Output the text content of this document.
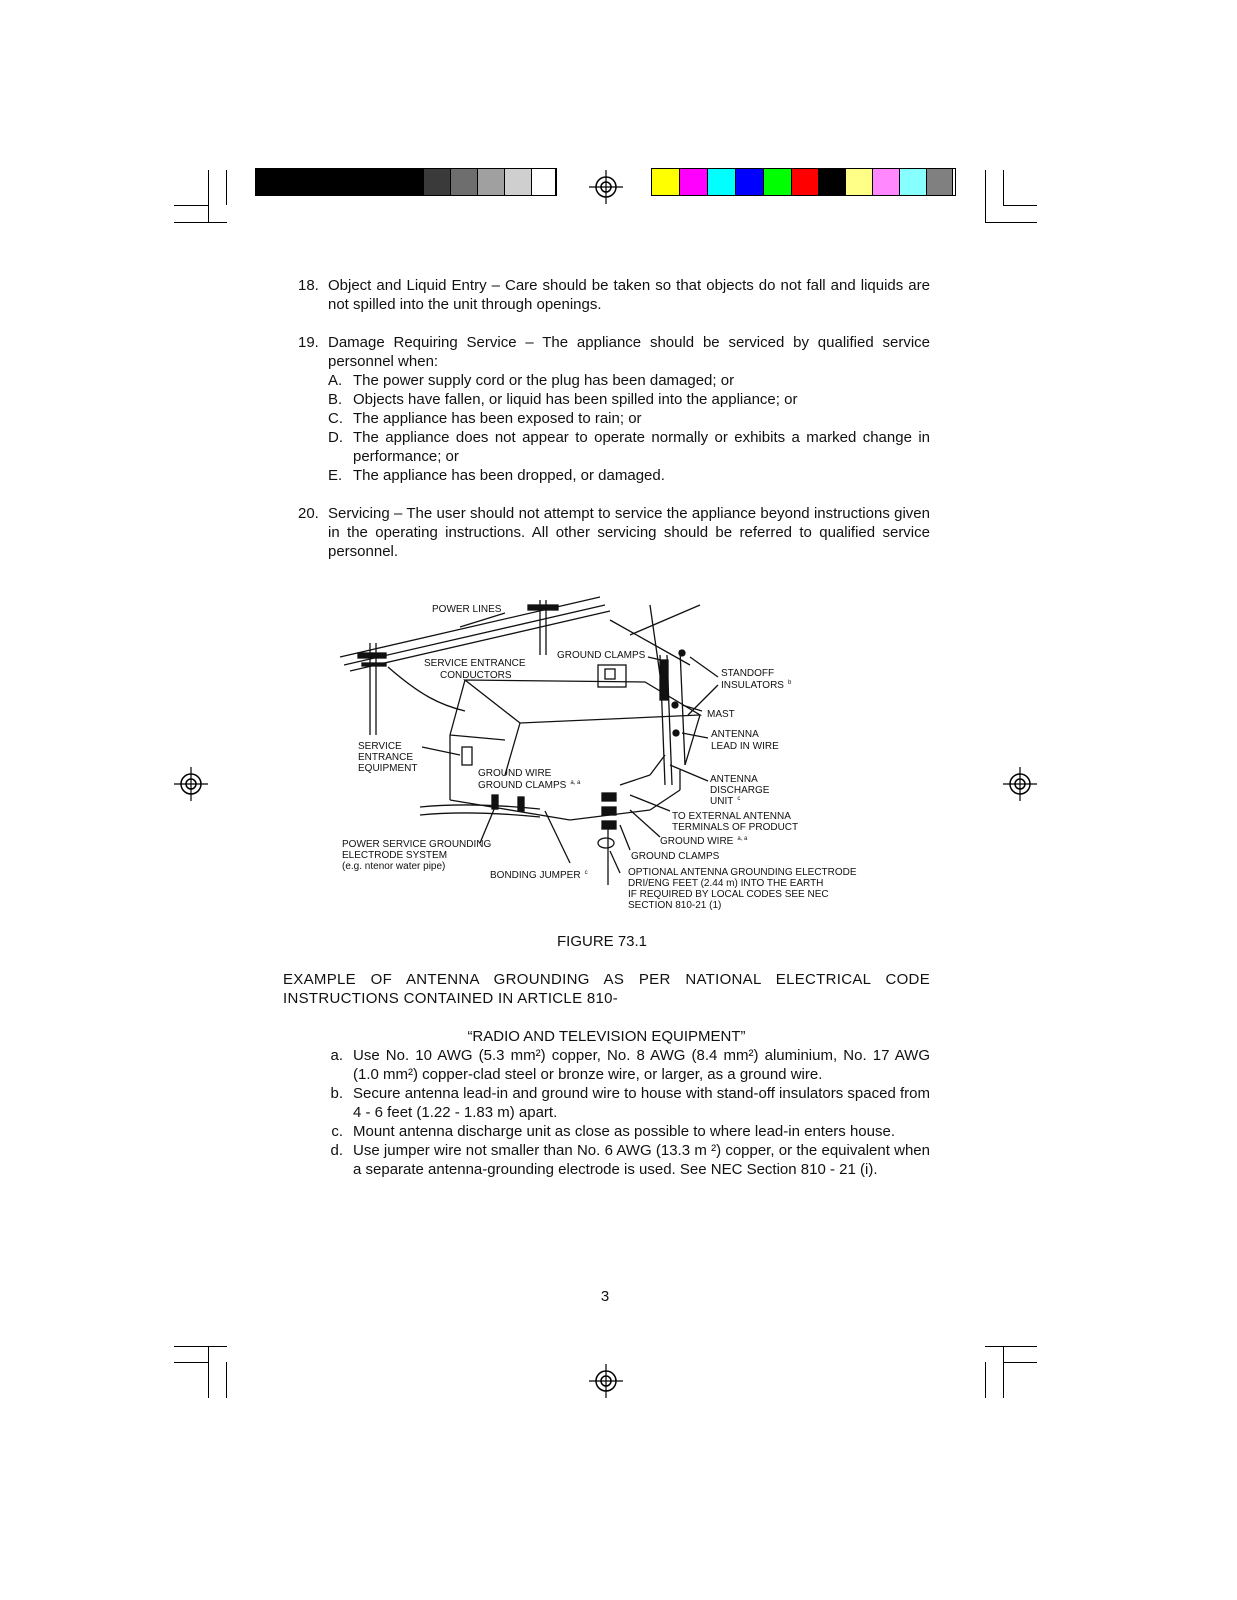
18. Object and Liquid Entry – Care should be taken so that objects do not fall and liquids are not spilled into the unit through openings.
19. Damage Requiring Service – The appliance should be serviced by qualified service personnel when:
A. The power supply cord or the plug has been damaged; or
B. Objects have fallen, or liquid has been spilled into the appliance; or
C. The appliance has been exposed to rain; or
D. The appliance does not appear to operate normally or exhibits a marked change in performance; or
E. The appliance has been dropped, or damaged.
20. Servicing – The user should not attempt to service the appliance beyond instructions given in the operating instructions. All other servicing should be referred to qualified service personnel.
POWER LINES
SERVICE ENTRANCE
CONDUCTORS
GROUND CLAMPS
STANDOFF
INSULATORS $^b$
MAST
ANTENNA
LEAD IN WIRE
SERVICE
ENTRANCE
EQUIPMENT	GROUND WIRE
GROUND CLAMPS $^{a, a}$	ANTENNA
DISCHARGE
UNIT $^c$
TO EXTERNAL ANTENNA
TERMINALS OF PRODUCT
GROUND WIRE $^{a, a}$
GROUND CLAMPS
POWER SERVICE GROUNDING
ELECTRODE SYSTEM
(e.g. ntenor water pipe)
BONDING JUMPER $^c$	OPTIONAL ANTENNA GROUNDING ELECTRODE
DRI/ENG FEET (2.44 m) INTO THE EARTH
IF REQUIRED BY LOCAL CODES SEE NEC
SECTION 810-21 (1)
FIGURE 73.1
EXAMPLE OF ANTENNA GROUNDING AS PER NATIONAL ELECTRICAL CODE INSTRUCTIONS CONTAINED IN ARTICLE 810-
“RADIO AND TELEVISION EQUIPMENT”
a. Use No. 10 AWG (5.3 mm²) copper, No. 8 AWG (8.4 mm²) aluminium, No. 17 AWG (1.0 mm²) copper-clad steel or bronze wire, or larger, as a ground wire.
b. Secure antenna lead-in and ground wire to house with stand-off insulators spaced from 4 - 6 feet (1.22 - 1.83 m) apart.
c. Mount antenna discharge unit as close as possible to where lead-in enters house.
d. Use jumper wire not smaller than No. 6 AWG (13.3 m ²) copper, or the equivalent when a separate antenna-grounding electrode is used. See NEC Section 810 - 21 (i).
3
